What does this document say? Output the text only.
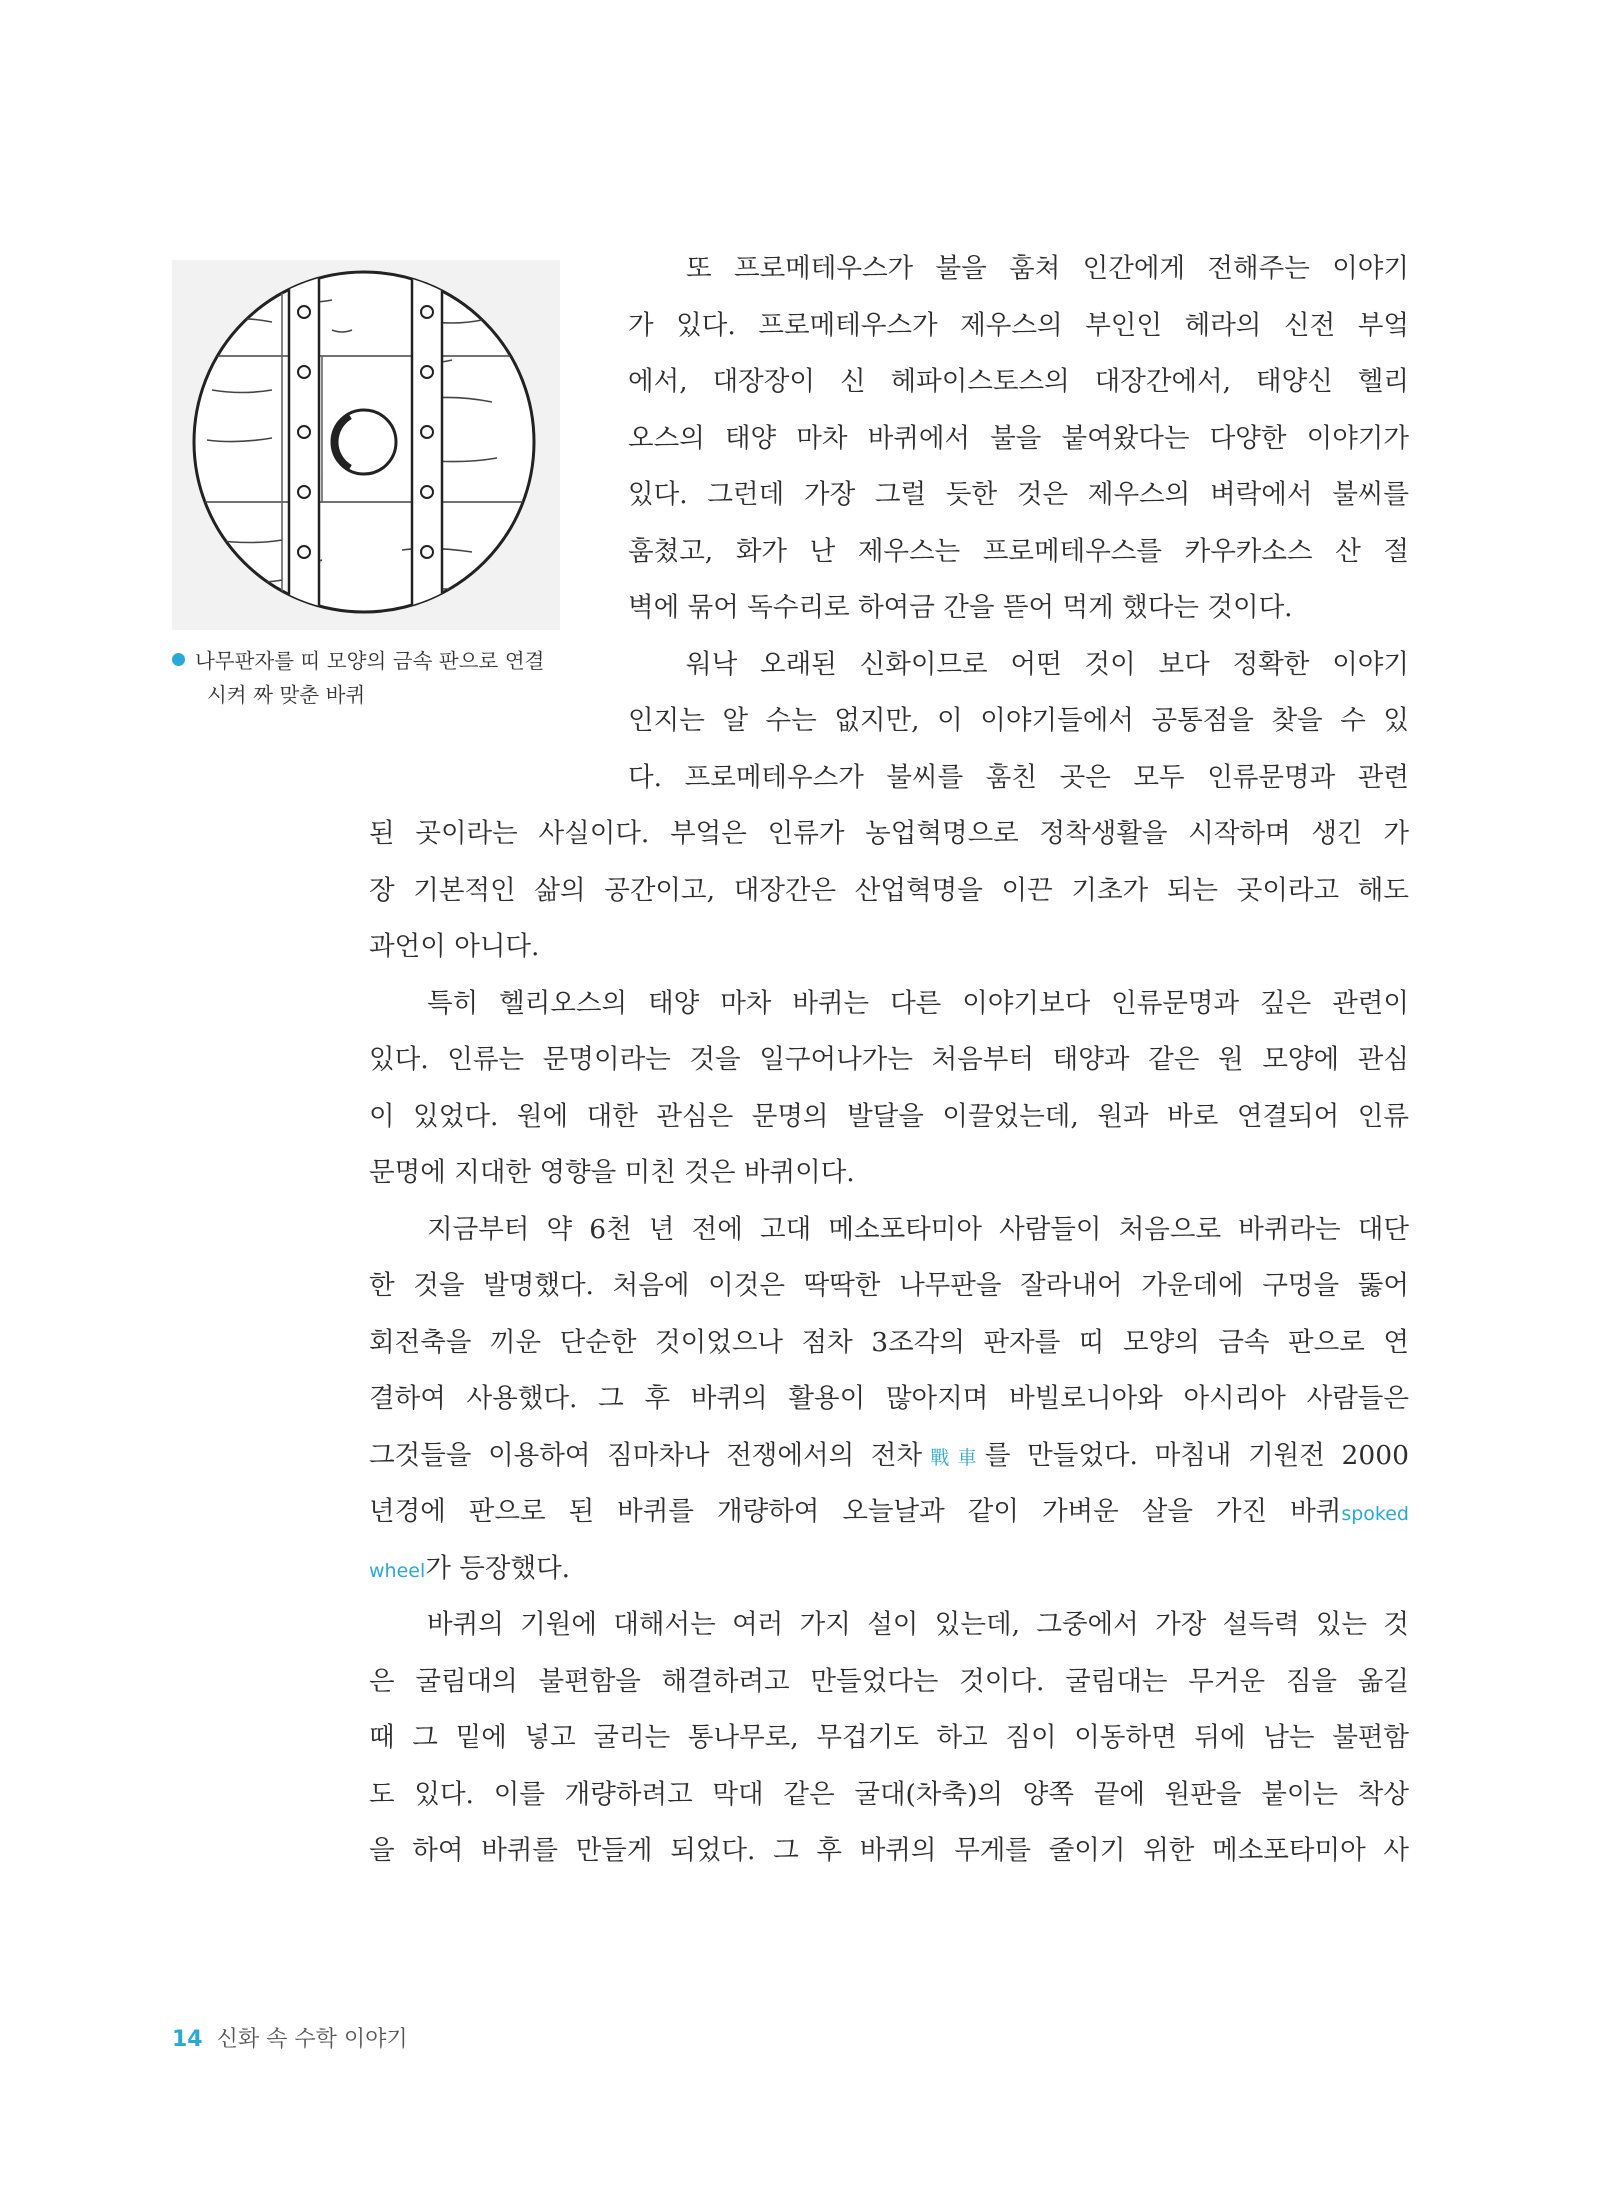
나무판자를 띠 모양의 금속 판으로 연결
시켜 짜 맞춘 바퀴
또 프로메테우스가 불을 훔쳐 인간에게 전해주는 이야기
가 있다. 프로메테우스가 제우스의 부인인 헤라의 신전 부엌
에서, 대장장이 신 헤파이스토스의 대장간에서, 태양신 헬리
오스의 태양 마차 바퀴에서 불을 붙여왔다는 다양한 이야기가
있다. 그런데 가장 그럴 듯한 것은 제우스의 벼락에서 불씨를
훔쳤고, 화가 난 제우스는 프로메테우스를 카우카소스 산 절
벽에 묶어 독수리로 하여금 간을 뜯어 먹게 했다는 것이다.
워낙 오래된 신화이므로 어떤 것이 보다 정확한 이야기
인지는 알 수는 없지만, 이 이야기들에서 공통점을 찾을 수 있
다. 프로메테우스가 불씨를 훔친 곳은 모두 인류문명과 관련
된 곳이라는 사실이다. 부엌은 인류가 농업혁명으로 정착생활을 시작하며 생긴 가
장 기본적인 삶의 공간이고, 대장간은 산업혁명을 이끈 기초가 되는 곳이라고 해도
과언이 아니다.
특히 헬리오스의 태양 마차 바퀴는 다른 이야기보다 인류문명과 깊은 관련이
있다. 인류는 문명이라는 것을 일구어나가는 처음부터 태양과 같은 원 모양에 관심
이 있었다. 원에 대한 관심은 문명의 발달을 이끌었는데, 원과 바로 연결되어 인류
문명에 지대한 영향을 미친 것은 바퀴이다.
지금부터 약 6천 년 전에 고대 메소포타미아 사람들이 처음으로 바퀴라는 대단
한 것을 발명했다. 처음에 이것은 딱딱한 나무판을 잘라내어 가운데에 구멍을 뚫어
회전축을 끼운 단순한 것이었으나 점차 3조각의 판자를 띠 모양의 금속 판으로 연
결하여 사용했다. 그 후 바퀴의 활용이 많아지며 바빌로니아와 아시리아 사람들은
그것들을 이용하여 짐마차나 전쟁에서의 전차戰車를 만들었다. 마침내 기원전 2000
년경에 판으로 된 바퀴를 개량하여 오늘날과 같이 가벼운 살을 가진 바퀴spoked
wheel가 등장했다.
바퀴의 기원에 대해서는 여러 가지 설이 있는데, 그중에서 가장 설득력 있는 것
은 굴림대의 불편함을 해결하려고 만들었다는 것이다. 굴림대는 무거운 짐을 옮길
때 그 밑에 넣고 굴리는 통나무로, 무겁기도 하고 짐이 이동하면 뒤에 남는 불편함
도 있다. 이를 개량하려고 막대 같은 굴대(차축)의 양쪽 끝에 원판을 붙이는 착상
을 하여 바퀴를 만들게 되었다. 그 후 바퀴의 무게를 줄이기 위한 메소포타미아 사
14 신화 속 수학 이야기
